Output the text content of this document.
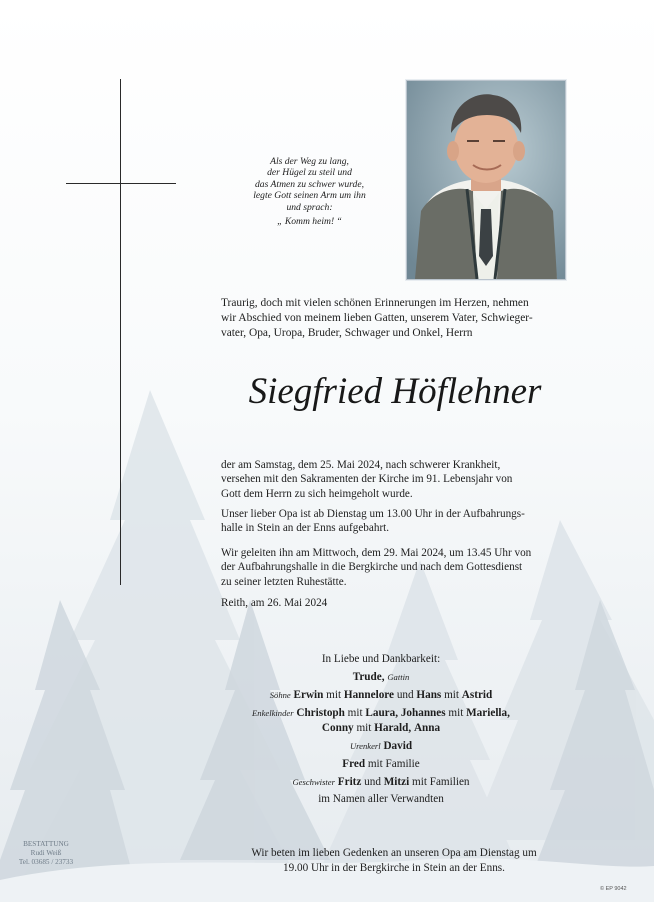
Als der Weg zu lang,
der Hügel zu steil und
das Atmen zu schwer wurde,
legte Gott seinen Arm um ihn
und sprach:
„ Komm heim! “
Traurig, doch mit vielen schönen Erinnerungen im Herzen, nehmen
wir Abschied von meinem lieben Gatten, unserem Vater, Schwieger-
vater, Opa, Uropa, Bruder, Schwager und Onkel, Herrn
Siegfried Höflehner
der am Samstag, dem 25. Mai 2024, nach schwerer Krankheit,
versehen mit den Sakramenten der Kirche im 91. Lebensjahr von
Gott dem Herrn zu sich heimgeholt wurde.
Unser lieber Opa ist ab Dienstag um 13.00 Uhr in der Aufbahrungs-
halle in Stein an der Enns aufgebahrt.
Wir geleiten ihn am Mittwoch, dem 29. Mai 2024, um 13.45 Uhr von
der Aufbahrungshalle in die Bergkirche und nach dem Gottesdienst
zu seiner letzten Ruhestätte.
Reith, am 26. Mai 2024
In Liebe und Dankbarkeit:
Trude, Gattin
Söhne Erwin mit Hannelore und Hans mit Astrid
Enkelkinder Christoph mit Laura, Johannes mit Mariella,
Conny mit Harald, Anna
Urenkerl David
Fred mit Familie
Geschwister Fritz und Mitzi mit Familien
im Namen aller Verwandten
Wir beten im lieben Gedenken an unseren Opa am Dienstag um
19.00 Uhr in der Bergkirche in Stein an der Enns.
BESTATTUNG
Rudi Weiß
Tel. 03685 / 23733
© EP 9042
